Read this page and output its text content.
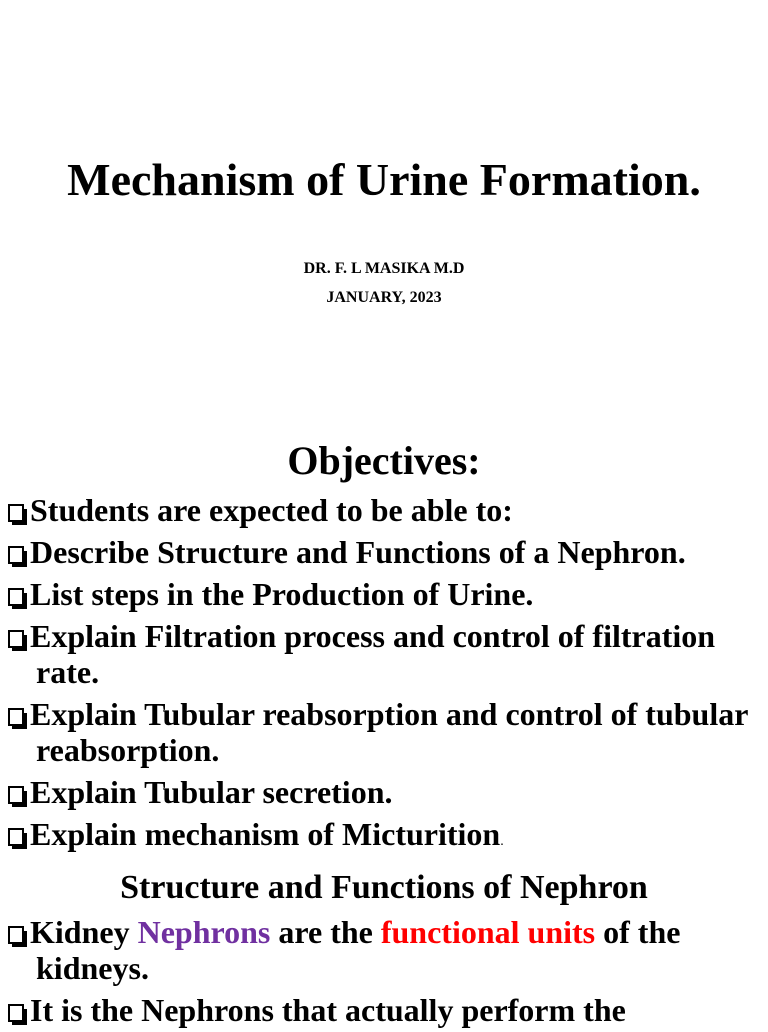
Mechanism of Urine Formation.
DR. F. L MASIKA M.D
JANUARY, 2023
Objectives:
Students are expected to be able to:
Describe Structure and Functions of a Nephron.
List steps in the Production of Urine.
Explain Filtration process and control of filtration rate.
Explain Tubular reabsorption and control of tubular reabsorption.
Explain Tubular secretion.
Explain mechanism of Micturition.
Structure and Functions of Nephron
Kidney Nephrons are the functional units of the kidneys.
It is the Nephrons that actually perform the
